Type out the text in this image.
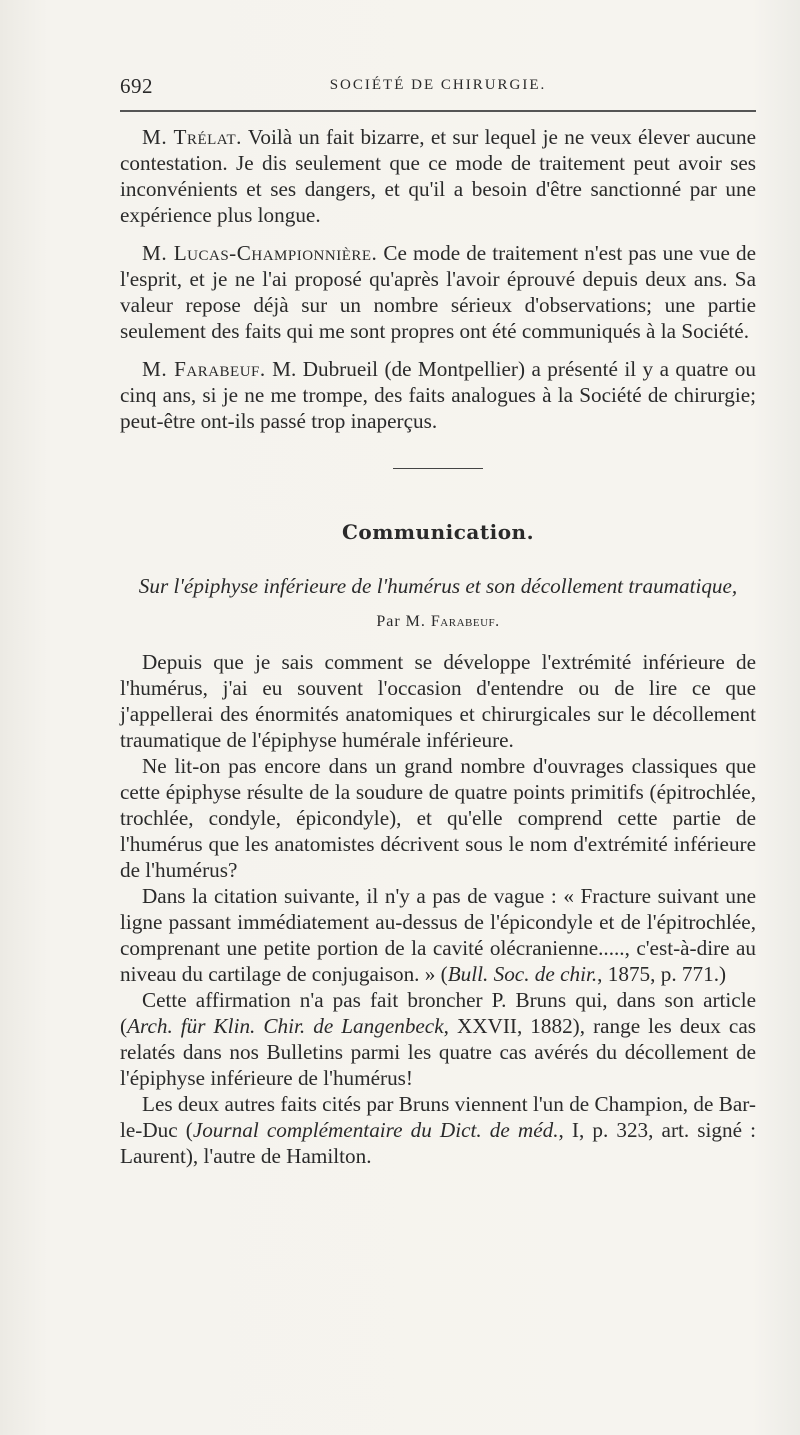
692	SOCIÉTÉ DE CHIRURGIE.

M. Trélat. Voilà un fait bizarre, et sur lequel je ne veux élever aucune contestation. Je dis seulement que ce mode de traitement peut avoir ses inconvénients et ses dangers, et qu'il a besoin d'être sanctionné par une expérience plus longue.

M. Lucas-Championnière. Ce mode de traitement n'est pas une vue de l'esprit, et je ne l'ai proposé qu'après l'avoir éprouvé depuis deux ans. Sa valeur repose déjà sur un nombre sérieux d'observations; une partie seulement des faits qui me sont propres ont été communiqués à la Société.

M. Farabeuf. M. Dubrueil (de Montpellier) a présenté il y a quatre ou cinq ans, si je ne me trompe, des faits analogues à la Société de chirurgie; peut-être ont-ils passé trop inaperçus.

Communication.
Sur l'épiphyse inférieure de l'humérus et son décollement traumatique,
Par M. Farabeuf.

Depuis que je sais comment se développe l'extrémité inférieure de l'humérus, j'ai eu souvent l'occasion d'entendre ou de lire ce que j'appellerai des énormités anatomiques et chirurgicales sur le décollement traumatique de l'épiphyse humérale inférieure.

Ne lit-on pas encore dans un grand nombre d'ouvrages classiques que cette épiphyse résulte de la soudure de quatre points primitifs (épitrochlée, trochlée, condyle, épicondyle), et qu'elle comprend cette partie de l'humérus que les anatomistes décrivent sous le nom d'extrémité inférieure de l'humérus?

Dans la citation suivante, il n'y a pas de vague : « Fracture suivant une ligne passant immédiatement au-dessus de l'épicondyle et de l'épitrochlée, comprenant une petite portion de la cavité olécranienne....., c'est-à-dire au niveau du cartilage de conjugaison. » (Bull. Soc. de chir., 1875, p. 771.)

Cette affirmation n'a pas fait broncher P. Bruns qui, dans son article (Arch. für Klin. Chir. de Langenbeck, XXVII, 1882), range les deux cas relatés dans nos Bulletins parmi les quatre cas avérés du décollement de l'épiphyse inférieure de l'humérus!

Les deux autres faits cités par Bruns viennent l'un de Champion, de Bar-le-Duc (Journal complémentaire du Dict. de méd., I, p. 323, art. signé : Laurent), l'autre de Hamilton.
